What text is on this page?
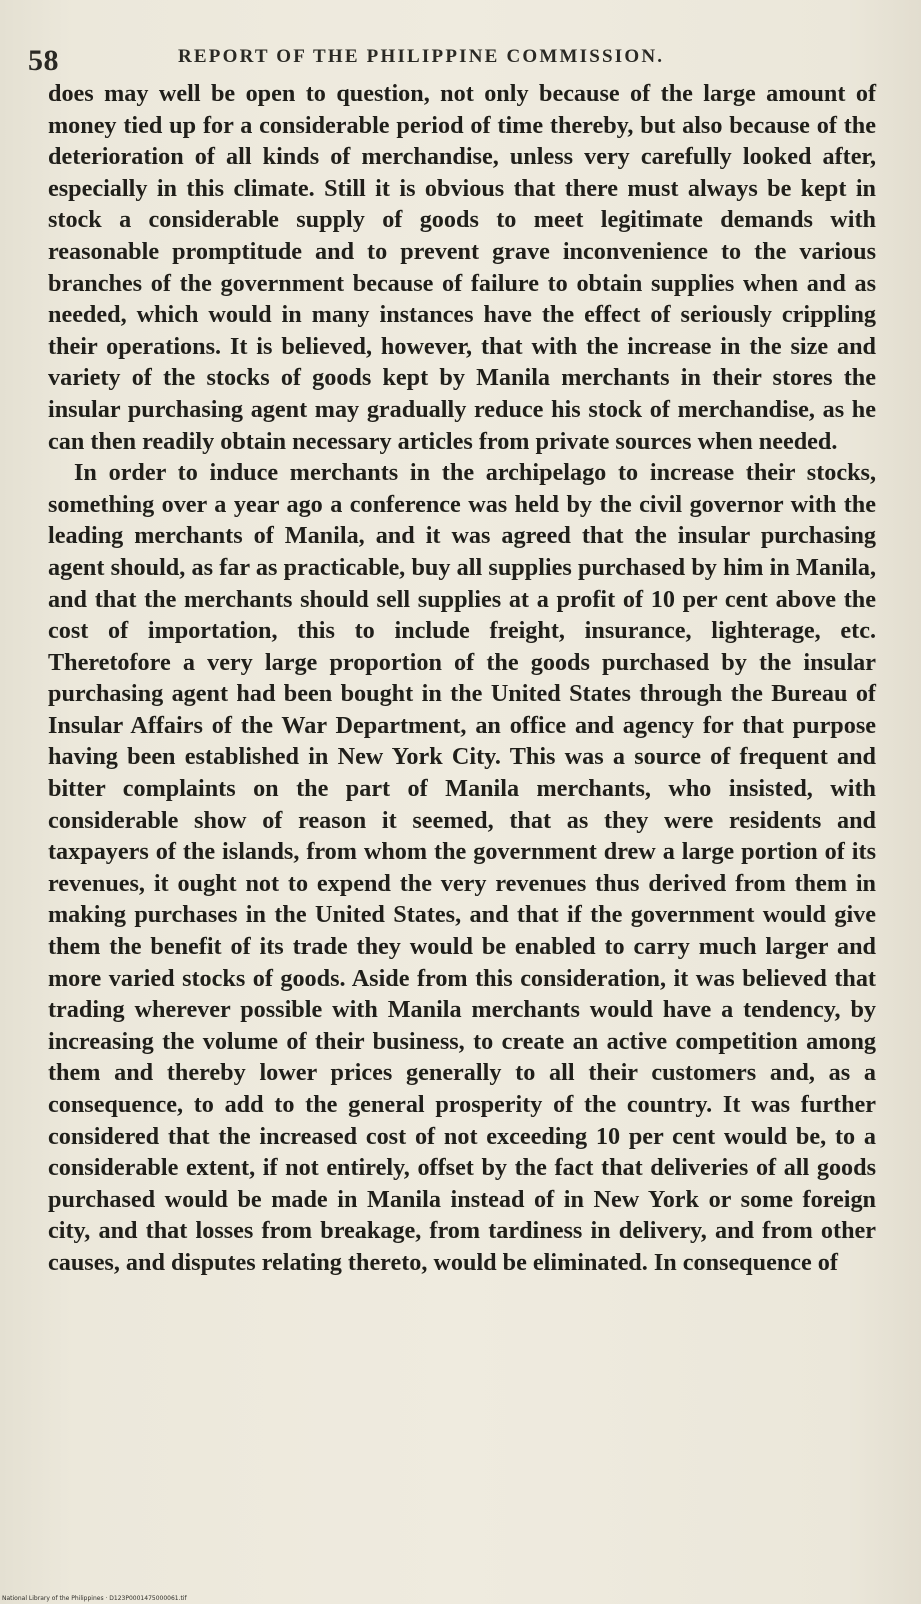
58	REPORT OF THE PHILIPPINE COMMISSION.

does may well be open to question, not only because of the large amount of money tied up for a considerable period of time thereby, but also because of the deterioration of all kinds of merchandise, unless very carefully looked after, especially in this climate. Still it is obvious that there must always be kept in stock a considerable supply of goods to meet legitimate demands with reasonable promptitude and to prevent grave inconvenience to the various branches of the government because of failure to obtain supplies when and as needed, which would in many instances have the effect of seriously crippling their operations. It is believed, however, that with the increase in the size and variety of the stocks of goods kept by Manila merchants in their stores the insular purchasing agent may gradually reduce his stock of merchandise, as he can then readily obtain necessary articles from private sources when needed.

In order to induce merchants in the archipelago to increase their stocks, something over a year ago a conference was held by the civil governor with the leading merchants of Manila, and it was agreed that the insular purchasing agent should, as far as practicable, buy all supplies purchased by him in Manila, and that the merchants should sell supplies at a profit of 10 per cent above the cost of importation, this to include freight, insurance, lighterage, etc. Theretofore a very large proportion of the goods purchased by the insular purchasing agent had been bought in the United States through the Bureau of Insular Affairs of the War Department, an office and agency for that purpose having been established in New York City. This was a source of frequent and bitter complaints on the part of Manila merchants, who insisted, with considerable show of reason it seemed, that as they were residents and taxpayers of the islands, from whom the government drew a large portion of its revenues, it ought not to expend the very revenues thus derived from them in making purchases in the United States, and that if the government would give them the benefit of its trade they would be enabled to carry much larger and more varied stocks of goods. Aside from this consideration, it was believed that trading wherever possible with Manila merchants would have a tendency, by increasing the volume of their business, to create an active competition among them and thereby lower prices generally to all their customers and, as a consequence, to add to the general prosperity of the country. It was further considered that the increased cost of not exceeding 10 per cent would be, to a considerable extent, if not entirely, offset by the fact that deliveries of all goods purchased would be made in Manila instead of in New York or some foreign city, and that losses from breakage, from tardiness in delivery, and from other causes, and disputes relating thereto, would be eliminated. In consequence of

National Library of the Philippines · D123P0001475000061.tif
